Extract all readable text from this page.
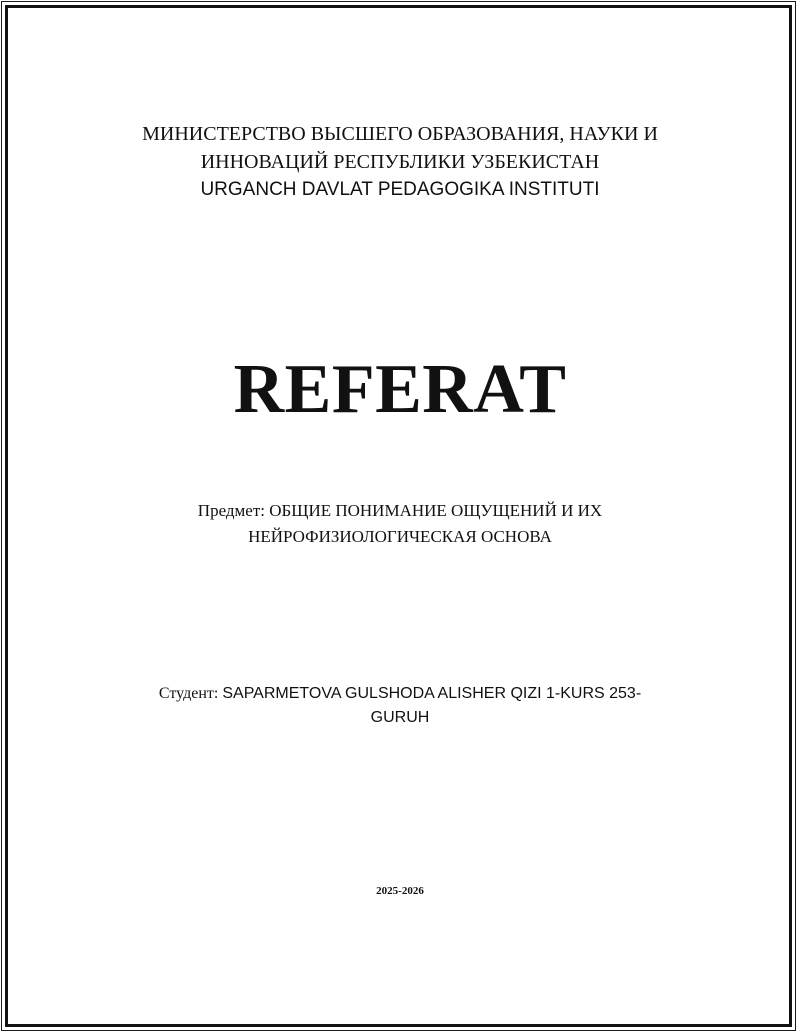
МИНИСТЕРСТВО ВЫСШЕГО ОБРАЗОВАНИЯ, НАУКИ И
ИННОВАЦИЙ РЕСПУБЛИКИ УЗБЕКИСТАН
URGANCH DAVLAT PEDAGOGIKA INSTITUTI
REFERAT
Предмет: ОБЩИЕ ПОНИМАНИЕ ОЩУЩЕНИЙ И ИХ
НЕЙРОФИЗИОЛОГИЧЕСКАЯ ОСНОВА
Студент: SAPARMETOVA GULSHODA ALISHER QIZI 1-KURS 253-
GURUH
2025-2026
